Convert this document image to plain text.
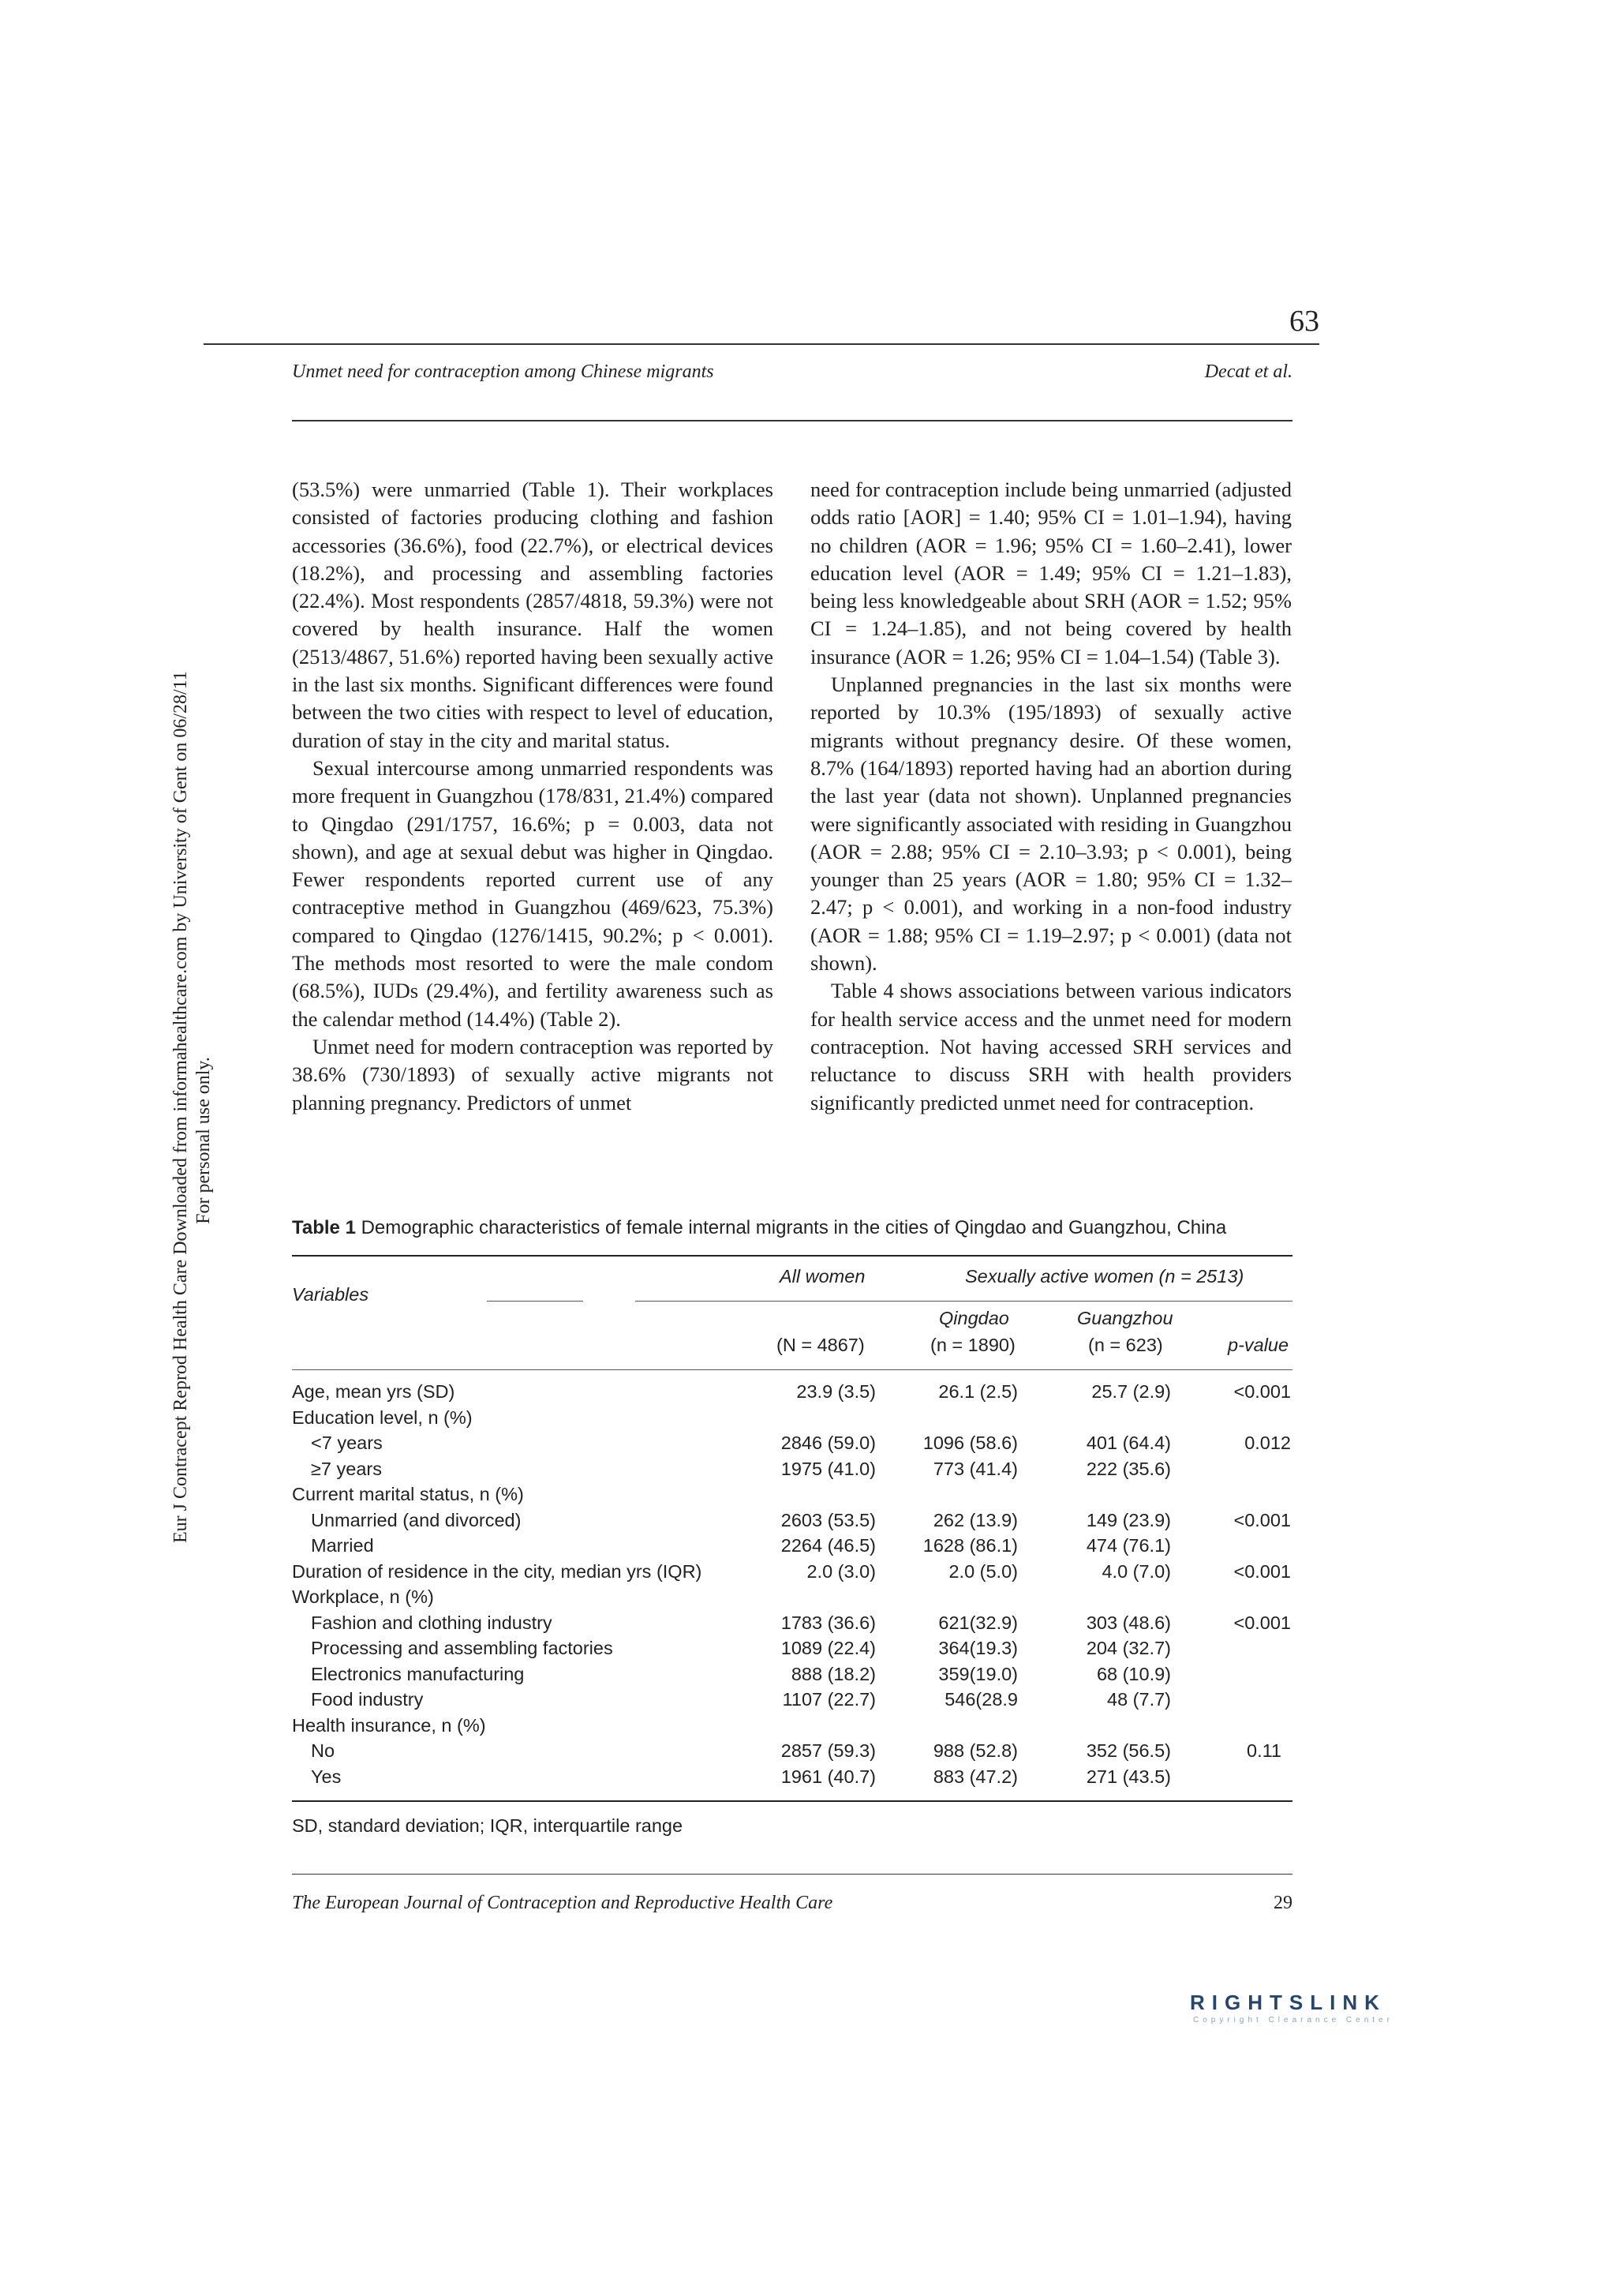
63
Unmet need for contraception among Chinese migrants	Decat et al.
Eur J Contracept Reprod Health Care Downloaded from informahealthcare.com by University of Gent on 06/28/11 For personal use only.

(53.5%) were unmarried (Table 1). Their workplaces consisted of factories producing clothing and fashion accessories (36.6%), food (22.7%), or electrical devices (18.2%), and processing and assembling factories (22.4%). Most respondents (2857/4818, 59.3%) were not covered by health insurance. Half the women (2513/4867, 51.6%) reported having been sexually active in the last six months. Significant differences were found between the two cities with respect to level of education, duration of stay in the city and marital status.

Sexual intercourse among unmarried respondents was more frequent in Guangzhou (178/831, 21.4%) compared to Qingdao (291/1757, 16.6%; p = 0.003, data not shown), and age at sexual debut was higher in Qingdao. Fewer respondents reported current use of any contraceptive method in Guangzhou (469/623, 75.3%) compared to Qingdao (1276/1415, 90.2%; p < 0.001). The methods most resorted to were the male condom (68.5%), IUDs (29.4%), and fertility awareness such as the calendar method (14.4%) (Table 2).

Unmet need for modern contraception was reported by 38.6% (730/1893) of sexually active migrants not planning pregnancy. Predictors of unmet

need for contraception include being unmarried (adjusted odds ratio [AOR] = 1.40; 95% CI = 1.01–1.94), having no children (AOR = 1.96; 95% CI = 1.60–2.41), lower education level (AOR = 1.49; 95% CI = 1.21–1.83), being less knowledgeable about SRH (AOR = 1.52; 95% CI = 1.24–1.85), and not being covered by health insurance (AOR = 1.26; 95% CI = 1.04–1.54) (Table 3).

Unplanned pregnancies in the last six months were reported by 10.3% (195/1893) of sexually active migrants without pregnancy desire. Of these women, 8.7% (164/1893) reported having had an abortion during the last year (data not shown). Unplanned pregnancies were significantly associated with residing in Guangzhou (AOR = 2.88; 95% CI = 2.10–3.93; p < 0.001), being younger than 25 years (AOR = 1.80; 95% CI = 1.32–2.47; p < 0.001), and working in a non-food industry (AOR = 1.88; 95% CI = 1.19–2.97; p < 0.001) (data not shown).

Table 4 shows associations between various indicators for health service access and the unmet need for modern contraception. Not having accessed SRH services and reluctance to discuss SRH with health providers significantly predicted unmet need for contraception.

Table 1 Demographic characteristics of female internal migrants in the cities of Qingdao and Guangzhou, China
Variables
All women	Sexually active women (n = 2513)
Qingdao	Guangzhou
(N = 4867)	(n = 1890)	(n = 623)	p-value
Age, mean yrs (SD)	23.9 (3.5)	26.1 (2.5)	25.7 (2.9)	<0.001
Education level, n (%)
<7 years	2846 (59.0)	1096 (58.6)	401 (64.4)	0.012
≥7 years	1975 (41.0)	773 (41.4)	222 (35.6)
Current marital status, n (%)
Unmarried (and divorced)	2603 (53.5)	262 (13.9)	149 (23.9)	<0.001
Married	2264 (46.5)	1628 (86.1)	474 (76.1)
Duration of residence in the city, median yrs (IQR)	2.0 (3.0)	2.0 (5.0)	4.0 (7.0)	<0.001
Workplace, n (%)
Fashion and clothing industry	1783 (36.6)	621(32.9)	303 (48.6)	<0.001
Processing and assembling factories	1089 (22.4)	364(19.3)	204 (32.7)
Electronics manufacturing	888 (18.2)	359(19.0)	68 (10.9)
Food industry	1107 (22.7)	546(28.9	48 (7.7)
Health insurance, n (%)
No	2857 (59.3)	988 (52.8)	352 (56.5)	0.11
Yes	1961 (40.7)	883 (47.2)	271 (43.5)
SD, standard deviation; IQR, interquartile range
The European Journal of Contraception and Reproductive Health Care	29
RIGHTSLINK
Copyright Clearance Center
